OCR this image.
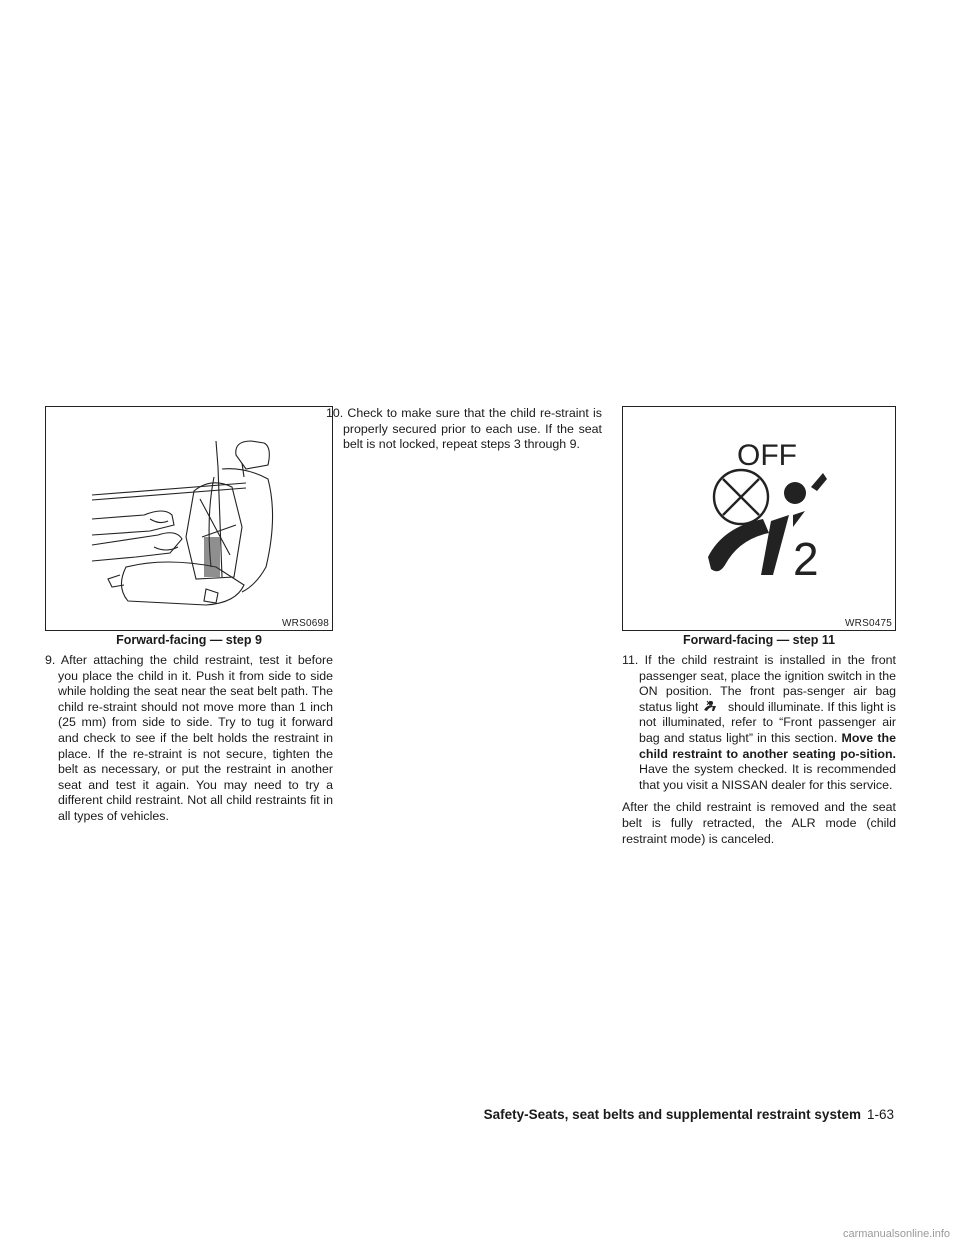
WRS0698
Forward-facing — step 9

9. After attaching the child restraint, test it before you place the child in it. Push it from side to side while holding the seat near the seat belt path. The child re-straint should not move more than 1 inch (25 mm) from side to side. Try to tug it forward and check to see if the belt holds the restraint in place. If the re-straint is not secure, tighten the belt as necessary, or put the restraint in another seat and test it again. You may need to try a different child restraint. Not all child restraints fit in all types of vehicles.

10. Check to make sure that the child re-straint is properly secured prior to each use. If the seat belt is not locked, repeat steps 3 through 9.	OFF
2
WRS0475
Forward-facing — step 11

11. If the child restraint is installed in the front passenger seat, place the ignition switch in the ON position. The front pas-senger air bag status light should illuminate. If this light is not illuminated, refer to “Front passenger air bag and status light” in this section. Move the child restraint to another seating po-sition. Have the system checked. It is recommended that you visit a NISSAN dealer for this service.

After the child restraint is removed and the seat belt is fully retracted, the ALR mode (child restraint mode) is canceled.

Safety-Seats, seat belts and supplemental restraint system 1-63
carmanualsonline.info
